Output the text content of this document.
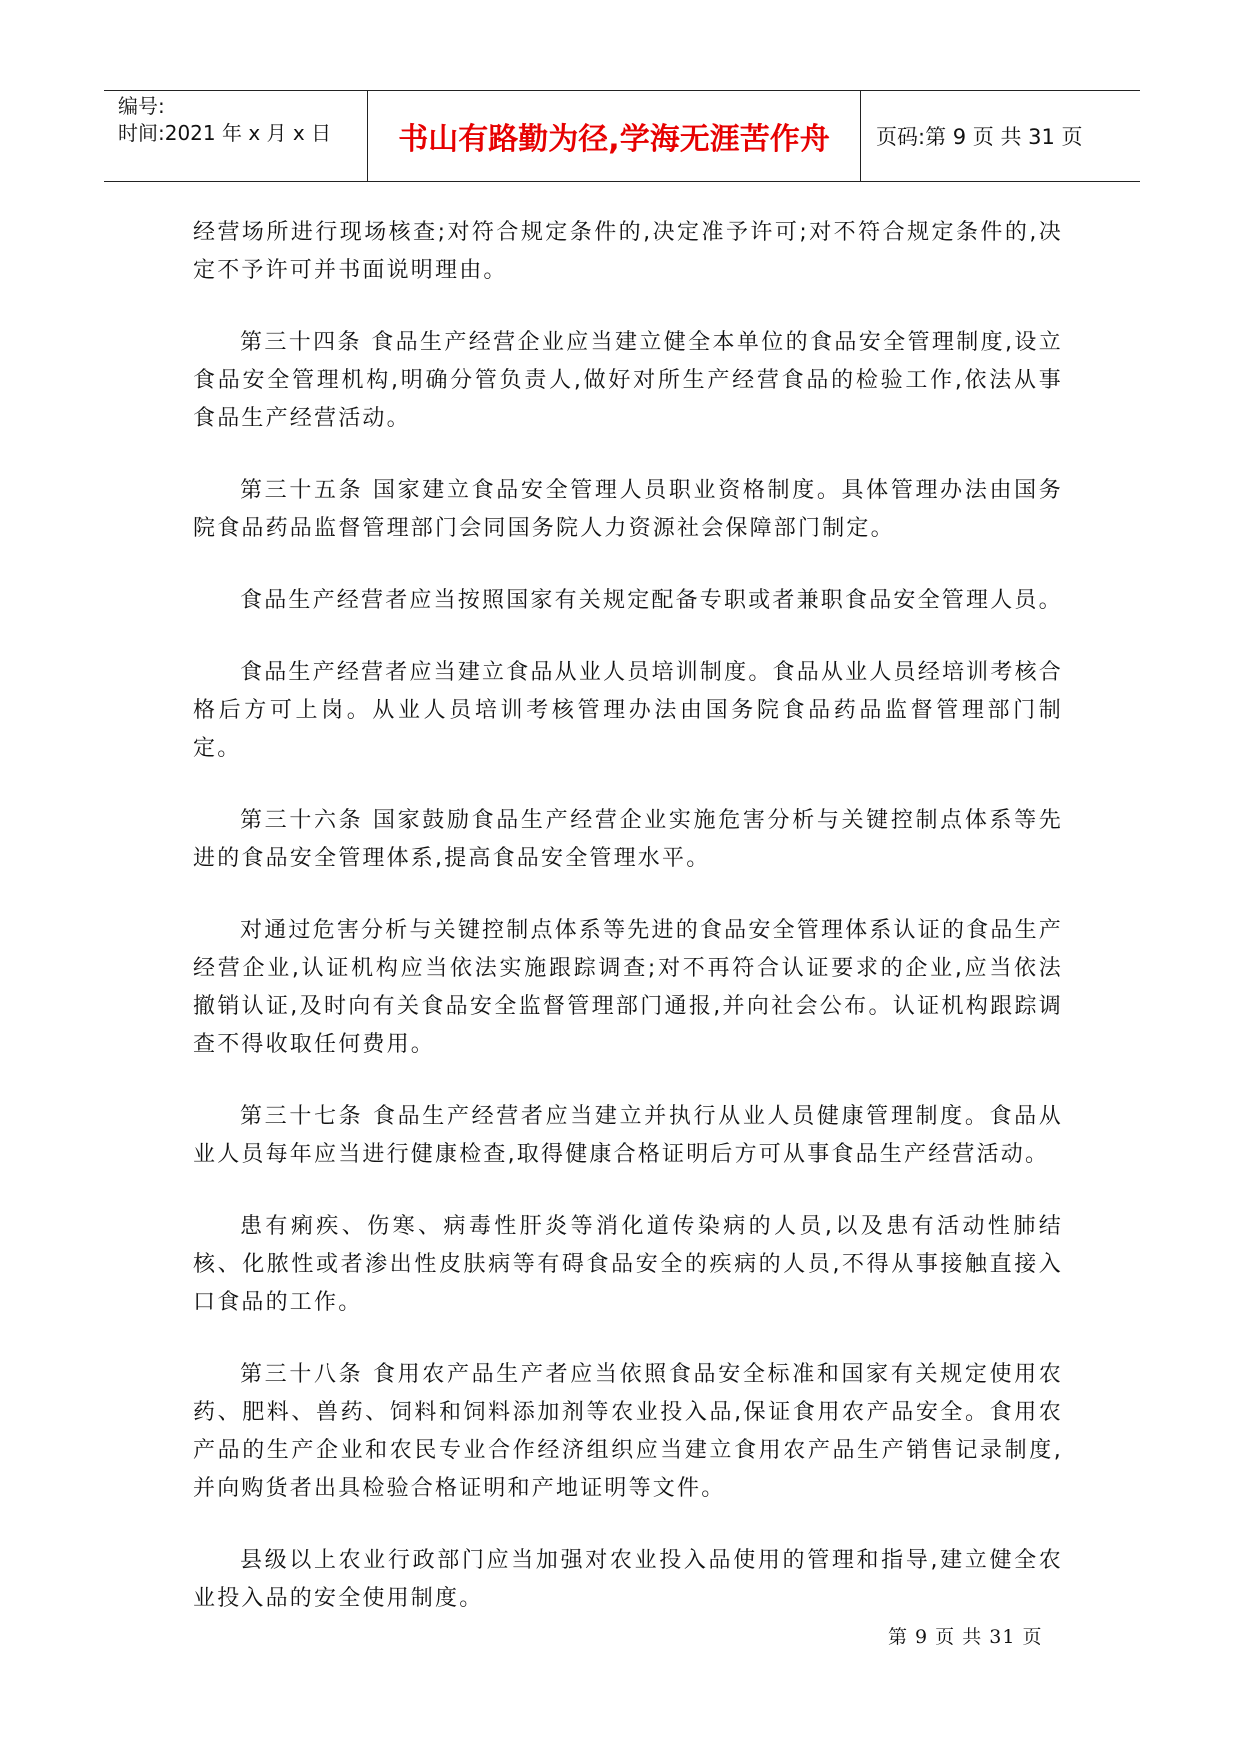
编号:
时间:2021 年 x 月 x 日	书山有路勤为径,学海无涯苦作舟	页码:第 9 页 共 31 页

经营场所进行现场核查;对符合规定条件的,决定准予许可;对不符合规定条件的,决定不予许可并书面说明理由。

第三十四条 食品生产经营企业应当建立健全本单位的食品安全管理制度,设立食品安全管理机构,明确分管负责人,做好对所生产经营食品的检验工作,依法从事食品生产经营活动。

第三十五条 国家建立食品安全管理人员职业资格制度。具体管理办法由国务院食品药品监督管理部门会同国务院人力资源社会保障部门制定。

食品生产经营者应当按照国家有关规定配备专职或者兼职食品安全管理人员。

食品生产经营者应当建立食品从业人员培训制度。食品从业人员经培训考核合格后方可上岗。从业人员培训考核管理办法由国务院食品药品监督管理部门制定。

第三十六条 国家鼓励食品生产经营企业实施危害分析与关键控制点体系等先进的食品安全管理体系,提高食品安全管理水平。

对通过危害分析与关键控制点体系等先进的食品安全管理体系认证的食品生产经营企业,认证机构应当依法实施跟踪调查;对不再符合认证要求的企业,应当依法撤销认证,及时向有关食品安全监督管理部门通报,并向社会公布。认证机构跟踪调查不得收取任何费用。

第三十七条 食品生产经营者应当建立并执行从业人员健康管理制度。食品从业人员每年应当进行健康检查,取得健康合格证明后方可从事食品生产经营活动。

患有痢疾、伤寒、病毒性肝炎等消化道传染病的人员,以及患有活动性肺结核、化脓性或者渗出性皮肤病等有碍食品安全的疾病的人员,不得从事接触直接入口食品的工作。

第三十八条 食用农产品生产者应当依照食品安全标准和国家有关规定使用农药、肥料、兽药、饲料和饲料添加剂等农业投入品,保证食用农产品安全。食用农产品的生产企业和农民专业合作经济组织应当建立食用农产品生产销售记录制度,并向购货者出具检验合格证明和产地证明等文件。

县级以上农业行政部门应当加强对农业投入品使用的管理和指导,建立健全农业投入品的安全使用制度。

第 9 页 共 31 页
